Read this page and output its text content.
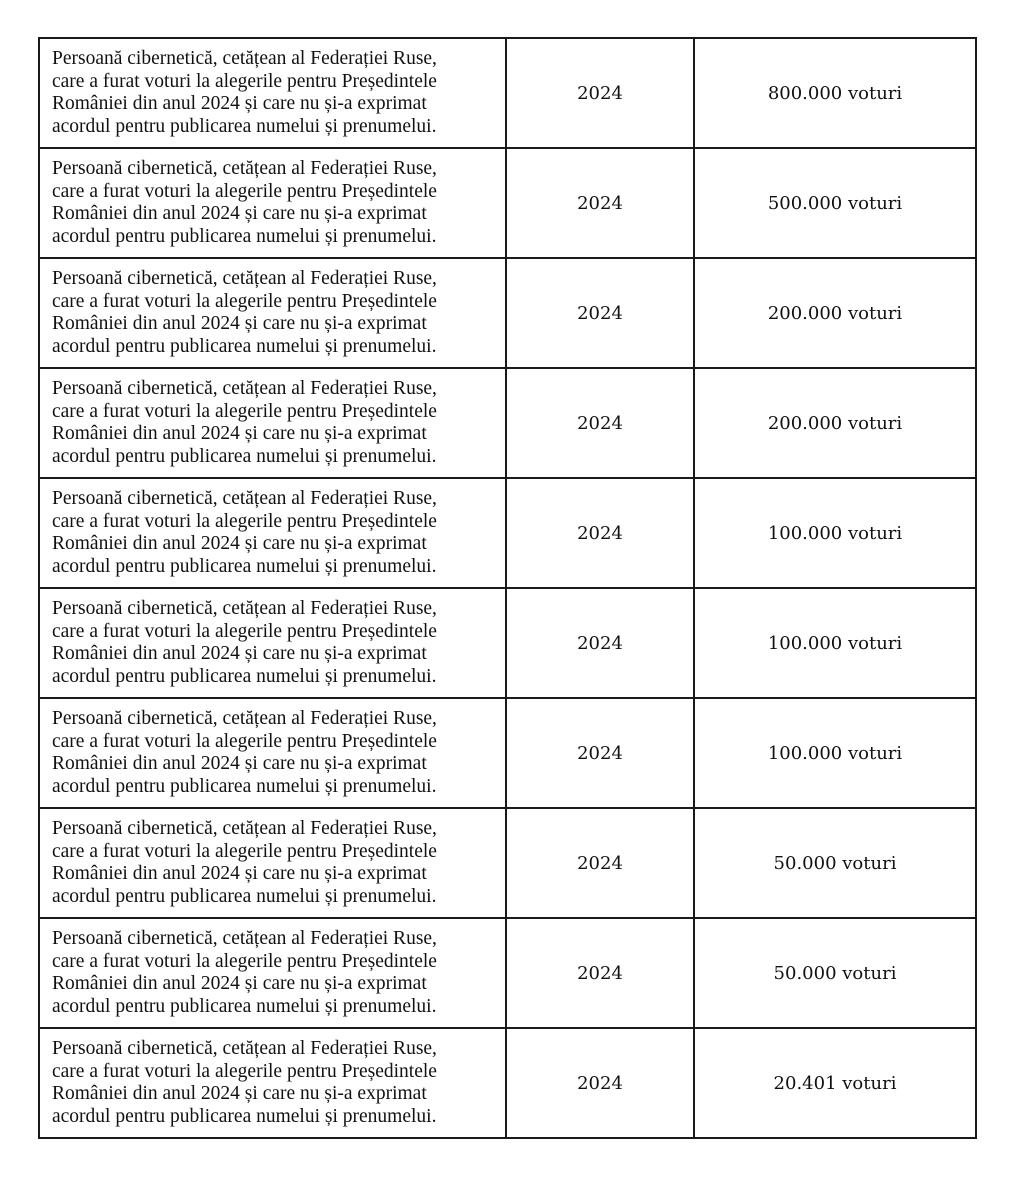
Persoană cibernetică, cetățean al Federației Ruse,
care a furat voturi la alegerile pentru Președintele
României din anul 2024 și care nu și-a exprimat
acordul pentru publicarea numelui și prenumelui.	2024	800.000 voturi

Persoană cibernetică, cetățean al Federației Ruse,
care a furat voturi la alegerile pentru Președintele
României din anul 2024 și care nu și-a exprimat
acordul pentru publicarea numelui și prenumelui.	2024	500.000 voturi

Persoană cibernetică, cetățean al Federației Ruse,
care a furat voturi la alegerile pentru Președintele
României din anul 2024 și care nu și-a exprimat
acordul pentru publicarea numelui și prenumelui.	2024	200.000 voturi

Persoană cibernetică, cetățean al Federației Ruse,
care a furat voturi la alegerile pentru Președintele
României din anul 2024 și care nu și-a exprimat
acordul pentru publicarea numelui și prenumelui.	2024	200.000 voturi

Persoană cibernetică, cetățean al Federației Ruse,
care a furat voturi la alegerile pentru Președintele
României din anul 2024 și care nu și-a exprimat
acordul pentru publicarea numelui și prenumelui.	2024	100.000 voturi

Persoană cibernetică, cetățean al Federației Ruse,
care a furat voturi la alegerile pentru Președintele
României din anul 2024 și care nu și-a exprimat
acordul pentru publicarea numelui și prenumelui.	2024	100.000 voturi

Persoană cibernetică, cetățean al Federației Ruse,
care a furat voturi la alegerile pentru Președintele
României din anul 2024 și care nu și-a exprimat
acordul pentru publicarea numelui și prenumelui.	2024	100.000 voturi

Persoană cibernetică, cetățean al Federației Ruse,
care a furat voturi la alegerile pentru Președintele
României din anul 2024 și care nu și-a exprimat
acordul pentru publicarea numelui și prenumelui.	2024	50.000 voturi

Persoană cibernetică, cetățean al Federației Ruse,
care a furat voturi la alegerile pentru Președintele
României din anul 2024 și care nu și-a exprimat
acordul pentru publicarea numelui și prenumelui.	2024	50.000 voturi

Persoană cibernetică, cetățean al Federației Ruse,
care a furat voturi la alegerile pentru Președintele
României din anul 2024 și care nu și-a exprimat
acordul pentru publicarea numelui și prenumelui.	2024	20.401 voturi
